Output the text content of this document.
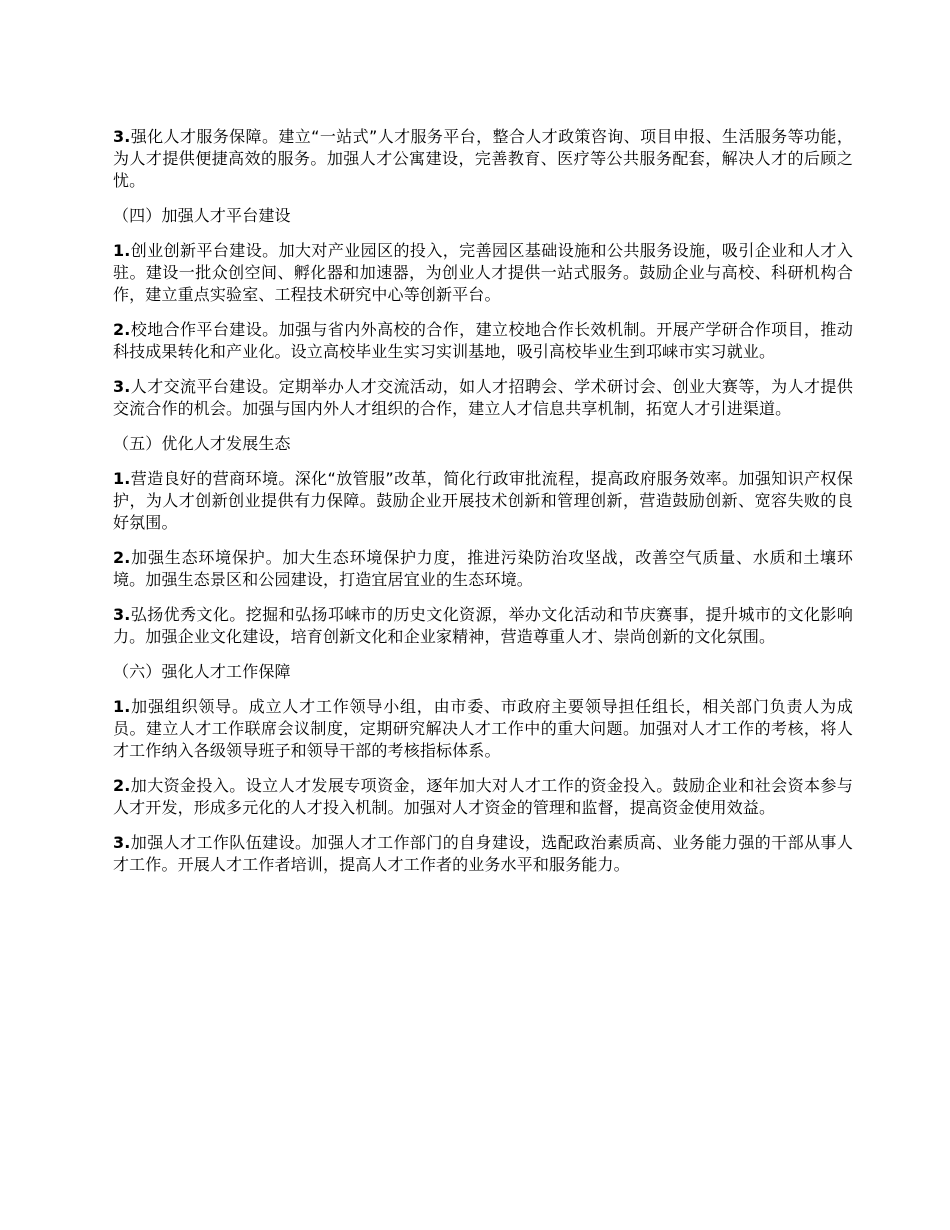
3.强化人才服务保障。建立“一站式”人才服务平台，整合人才政策咨询、项目申报、生活服务等功能，为人才提供便捷高效的服务。加强人才公寓建设，完善教育、医疗等公共服务配套，解决人才的后顾之忧。

（四）加强人才平台建设

1.创业创新平台建设。加大对产业园区的投入，完善园区基础设施和公共服务设施，吸引企业和人才入驻。建设一批众创空间、孵化器和加速器，为创业人才提供一站式服务。鼓励企业与高校、科研机构合作，建立重点实验室、工程技术研究中心等创新平台。

2.校地合作平台建设。加强与省内外高校的合作，建立校地合作长效机制。开展产学研合作项目，推动科技成果转化和产业化。设立高校毕业生实习实训基地，吸引高校毕业生到邛崃市实习就业。

3.人才交流平台建设。定期举办人才交流活动，如人才招聘会、学术研讨会、创业大赛等，为人才提供交流合作的机会。加强与国内外人才组织的合作，建立人才信息共享机制，拓宽人才引进渠道。

（五）优化人才发展生态

1.营造良好的营商环境。深化“放管服”改革，简化行政审批流程，提高政府服务效率。加强知识产权保护，为人才创新创业提供有力保障。鼓励企业开展技术创新和管理创新，营造鼓励创新、宽容失败的良好氛围。

2.加强生态环境保护。加大生态环境保护力度，推进污染防治攻坚战，改善空气质量、水质和土壤环境。加强生态景区和公园建设，打造宜居宜业的生态环境。

3.弘扬优秀文化。挖掘和弘扬邛崃市的历史文化资源，举办文化活动和节庆赛事，提升城市的文化影响力。加强企业文化建设，培育创新文化和企业家精神，营造尊重人才、崇尚创新的文化氛围。

（六）强化人才工作保障

1.加强组织领导。成立人才工作领导小组，由市委、市政府主要领导担任组长，相关部门负责人为成员。建立人才工作联席会议制度，定期研究解决人才工作中的重大问题。加强对人才工作的考核，将人才工作纳入各级领导班子和领导干部的考核指标体系。

2.加大资金投入。设立人才发展专项资金，逐年加大对人才工作的资金投入。鼓励企业和社会资本参与人才开发，形成多元化的人才投入机制。加强对人才资金的管理和监督，提高资金使用效益。

3.加强人才工作队伍建设。加强人才工作部门的自身建设，选配政治素质高、业务能力强的干部从事人才工作。开展人才工作者培训，提高人才工作者的业务水平和服务能力。
